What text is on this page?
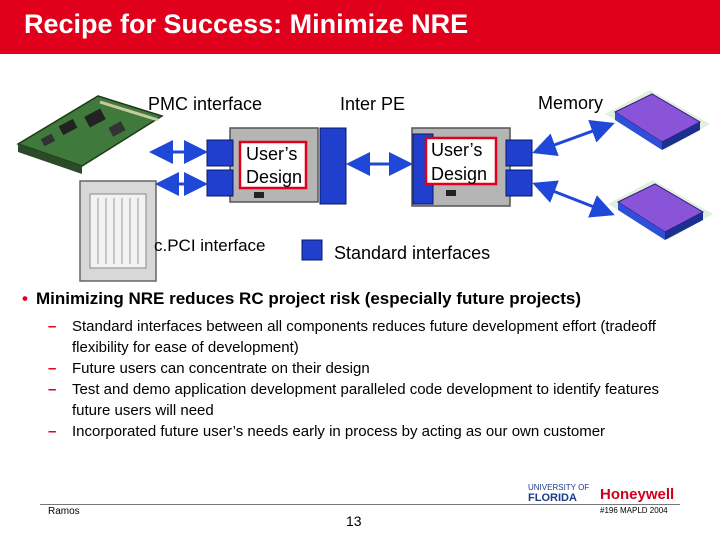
Recipe for Success: Minimize NRE
PMC interface	Inter PE	Memory
User’s
Design
User’s
Design
c.PCI interface	Standard interfaces
• Minimizing NRE reduces RC project risk (especially future projects)

– Standard interfaces between all components reduces future development effort (tradeoff flexibility for ease of development)

– Future users can concentrate on their design

– Test and demo application development paralleled code development to identify features future users will need

– Incorporated future user’s needs early in process by acting as our own customer

UNIVERSITY OF
FLORIDA	Honeywell
Ramos
13
#196 MAPLD 2004
